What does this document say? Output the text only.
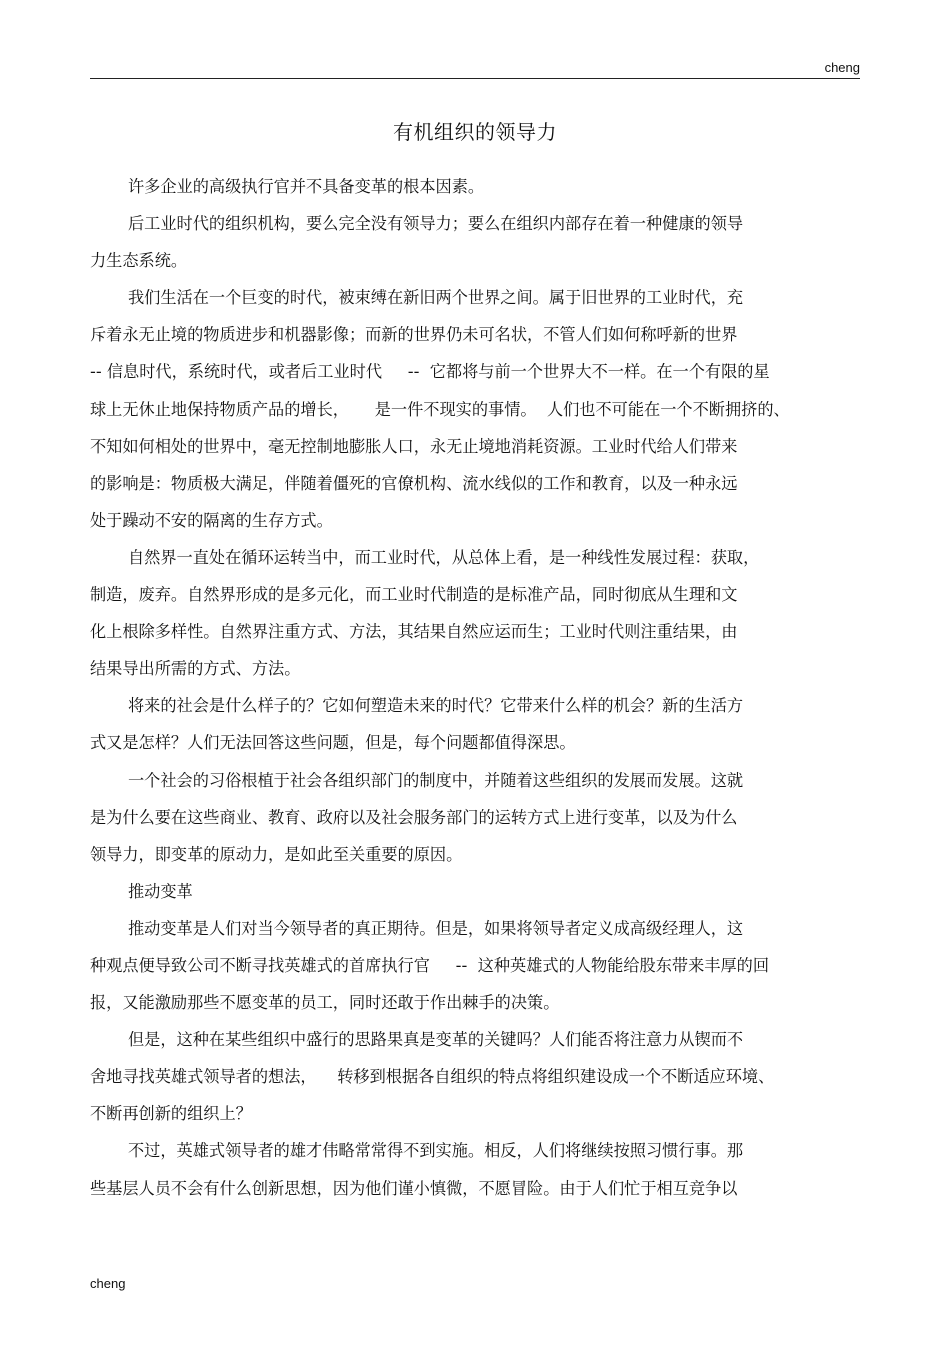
cheng
有机组织的领导力
许多企业的高级执行官并不具备变革的根本因素。
后工业时代的组织机构，要么完全没有领导力；要么在组织内部存在着一种健康的领导
力生态系统。
我们生活在一个巨变的时代，被束缚在新旧两个世界之间。属于旧世界的工业时代，充
斥着永无止境的物质进步和机器影像；而新的世界仍未可名状，不管人们如何称呼新的世界
-- 信息时代，系统时代，或者后工业时代     --  它都将与前一个世界大不一样。在一个有限的星
球上无休止地保持物质产品的增长，     是一件不现实的事情。  人们也不可能在一个不断拥挤的、
不知如何相处的世界中，毫无控制地膨胀人口，永无止境地消耗资源。工业时代给人们带来
的影响是：物质极大满足，伴随着僵死的官僚机构、流水线似的工作和教育，以及一种永远
处于躁动不安的隔离的生存方式。
自然界一直处在循环运转当中，而工业时代，从总体上看，是一种线性发展过程：获取，
制造，废弃。自然界形成的是多元化，而工业时代制造的是标准产品，同时彻底从生理和文
化上根除多样性。自然界注重方式、方法，其结果自然应运而生；工业时代则注重结果，由
结果导出所需的方式、方法。
将来的社会是什么样子的？它如何塑造未来的时代？它带来什么样的机会？新的生活方
式又是怎样？人们无法回答这些问题，但是，每个问题都值得深思。
一个社会的习俗根植于社会各组织部门的制度中，并随着这些组织的发展而发展。这就
是为什么要在这些商业、教育、政府以及社会服务部门的运转方式上进行变革，以及为什么
领导力，即变革的原动力，是如此至关重要的原因。
推动变革
推动变革是人们对当今领导者的真正期待。但是，如果将领导者定义成高级经理人，这
种观点便导致公司不断寻找英雄式的首席执行官     --  这种英雄式的人物能给股东带来丰厚的回
报，又能激励那些不愿变革的员工，同时还敢于作出棘手的决策。
但是，这种在某些组织中盛行的思路果真是变革的关键吗？人们能否将注意力从锲而不
舍地寻找英雄式领导者的想法，    转移到根据各自组织的特点将组织建设成一个不断适应环境、
不断再创新的组织上？
不过，英雄式领导者的雄才伟略常常得不到实施。相反，人们将继续按照习惯行事。那
些基层人员不会有什么创新思想，因为他们谨小慎微，不愿冒险。由于人们忙于相互竞争以
cheng
